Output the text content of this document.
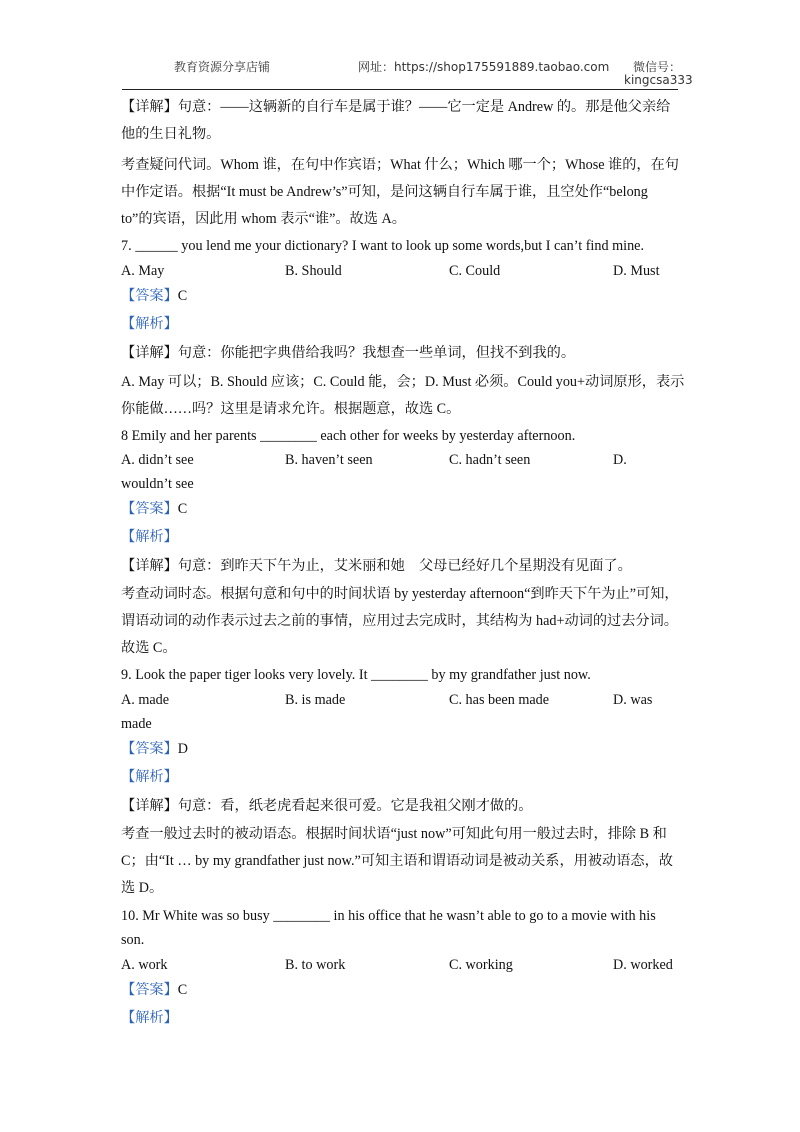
教育资源分享店铺	网址：https://shop175591889.taobao.com 微信号：
kingcsa333
【详解】句意：——这辆新的自行车是属于谁？——它一定是 Andrew 的。那是他父亲给
他的生日礼物。
考查疑问代词。Whom 谁，在句中作宾语；What 什么；Which 哪一个；Whose 谁的，在句
中作定语。根据“It must be Andrew’s”可知，是问这辆自行车属于谁，且空处作“belong
to”的宾语，因此用 whom 表示“谁”。故选 A。
7. ______ you lend me your dictionary? I want to look up some words,but I can’t find mine.
A. May	B. Should	C. Could	D. Must
【答案】C
【解析】
【详解】句意：你能把字典借给我吗？我想查一些单词，但找不到我的。
A. May 可以；B. Should 应该；C. Could 能，会；D. Must 必须。Could you+动词原形，表示
你能做……吗？这里是请求允许。根据题意，故选 C。
8 Emily and her parents ________ each other for weeks by yesterday afternoon.
A. didn’t see	B. haven’t seen	C. hadn’t seen	D.
wouldn’t see
【答案】C
【解析】
【详解】句意：到昨天下午为止，艾米丽和她　父母已经好几个星期没有见面了。
考查动词时态。根据句意和句中的时间状语 by yesterday afternoon“到昨天下午为止”可知，
谓语动词的动作表示过去之前的事情，应用过去完成时，其结构为 had+动词的过去分词。
故选 C。
9. Look the paper tiger looks very lovely. It ________ by my grandfather just now.
A. made	B. is made	C. has been made	D. was
made
【答案】D
【解析】
【详解】句意：看，纸老虎看起来很可爱。它是我祖父刚才做的。
考查一般过去时的被动语态。根据时间状语“just now”可知此句用一般过去时，排除 B 和
C；由“It … by my grandfather just now.”可知主语和谓语动词是被动关系，用被动语态，故
选 D。
10. Mr White was so busy ________ in his office that he wasn’t able to go to a movie with his
son.
A. work	B. to work	C. working	D. worked
【答案】C
【解析】
